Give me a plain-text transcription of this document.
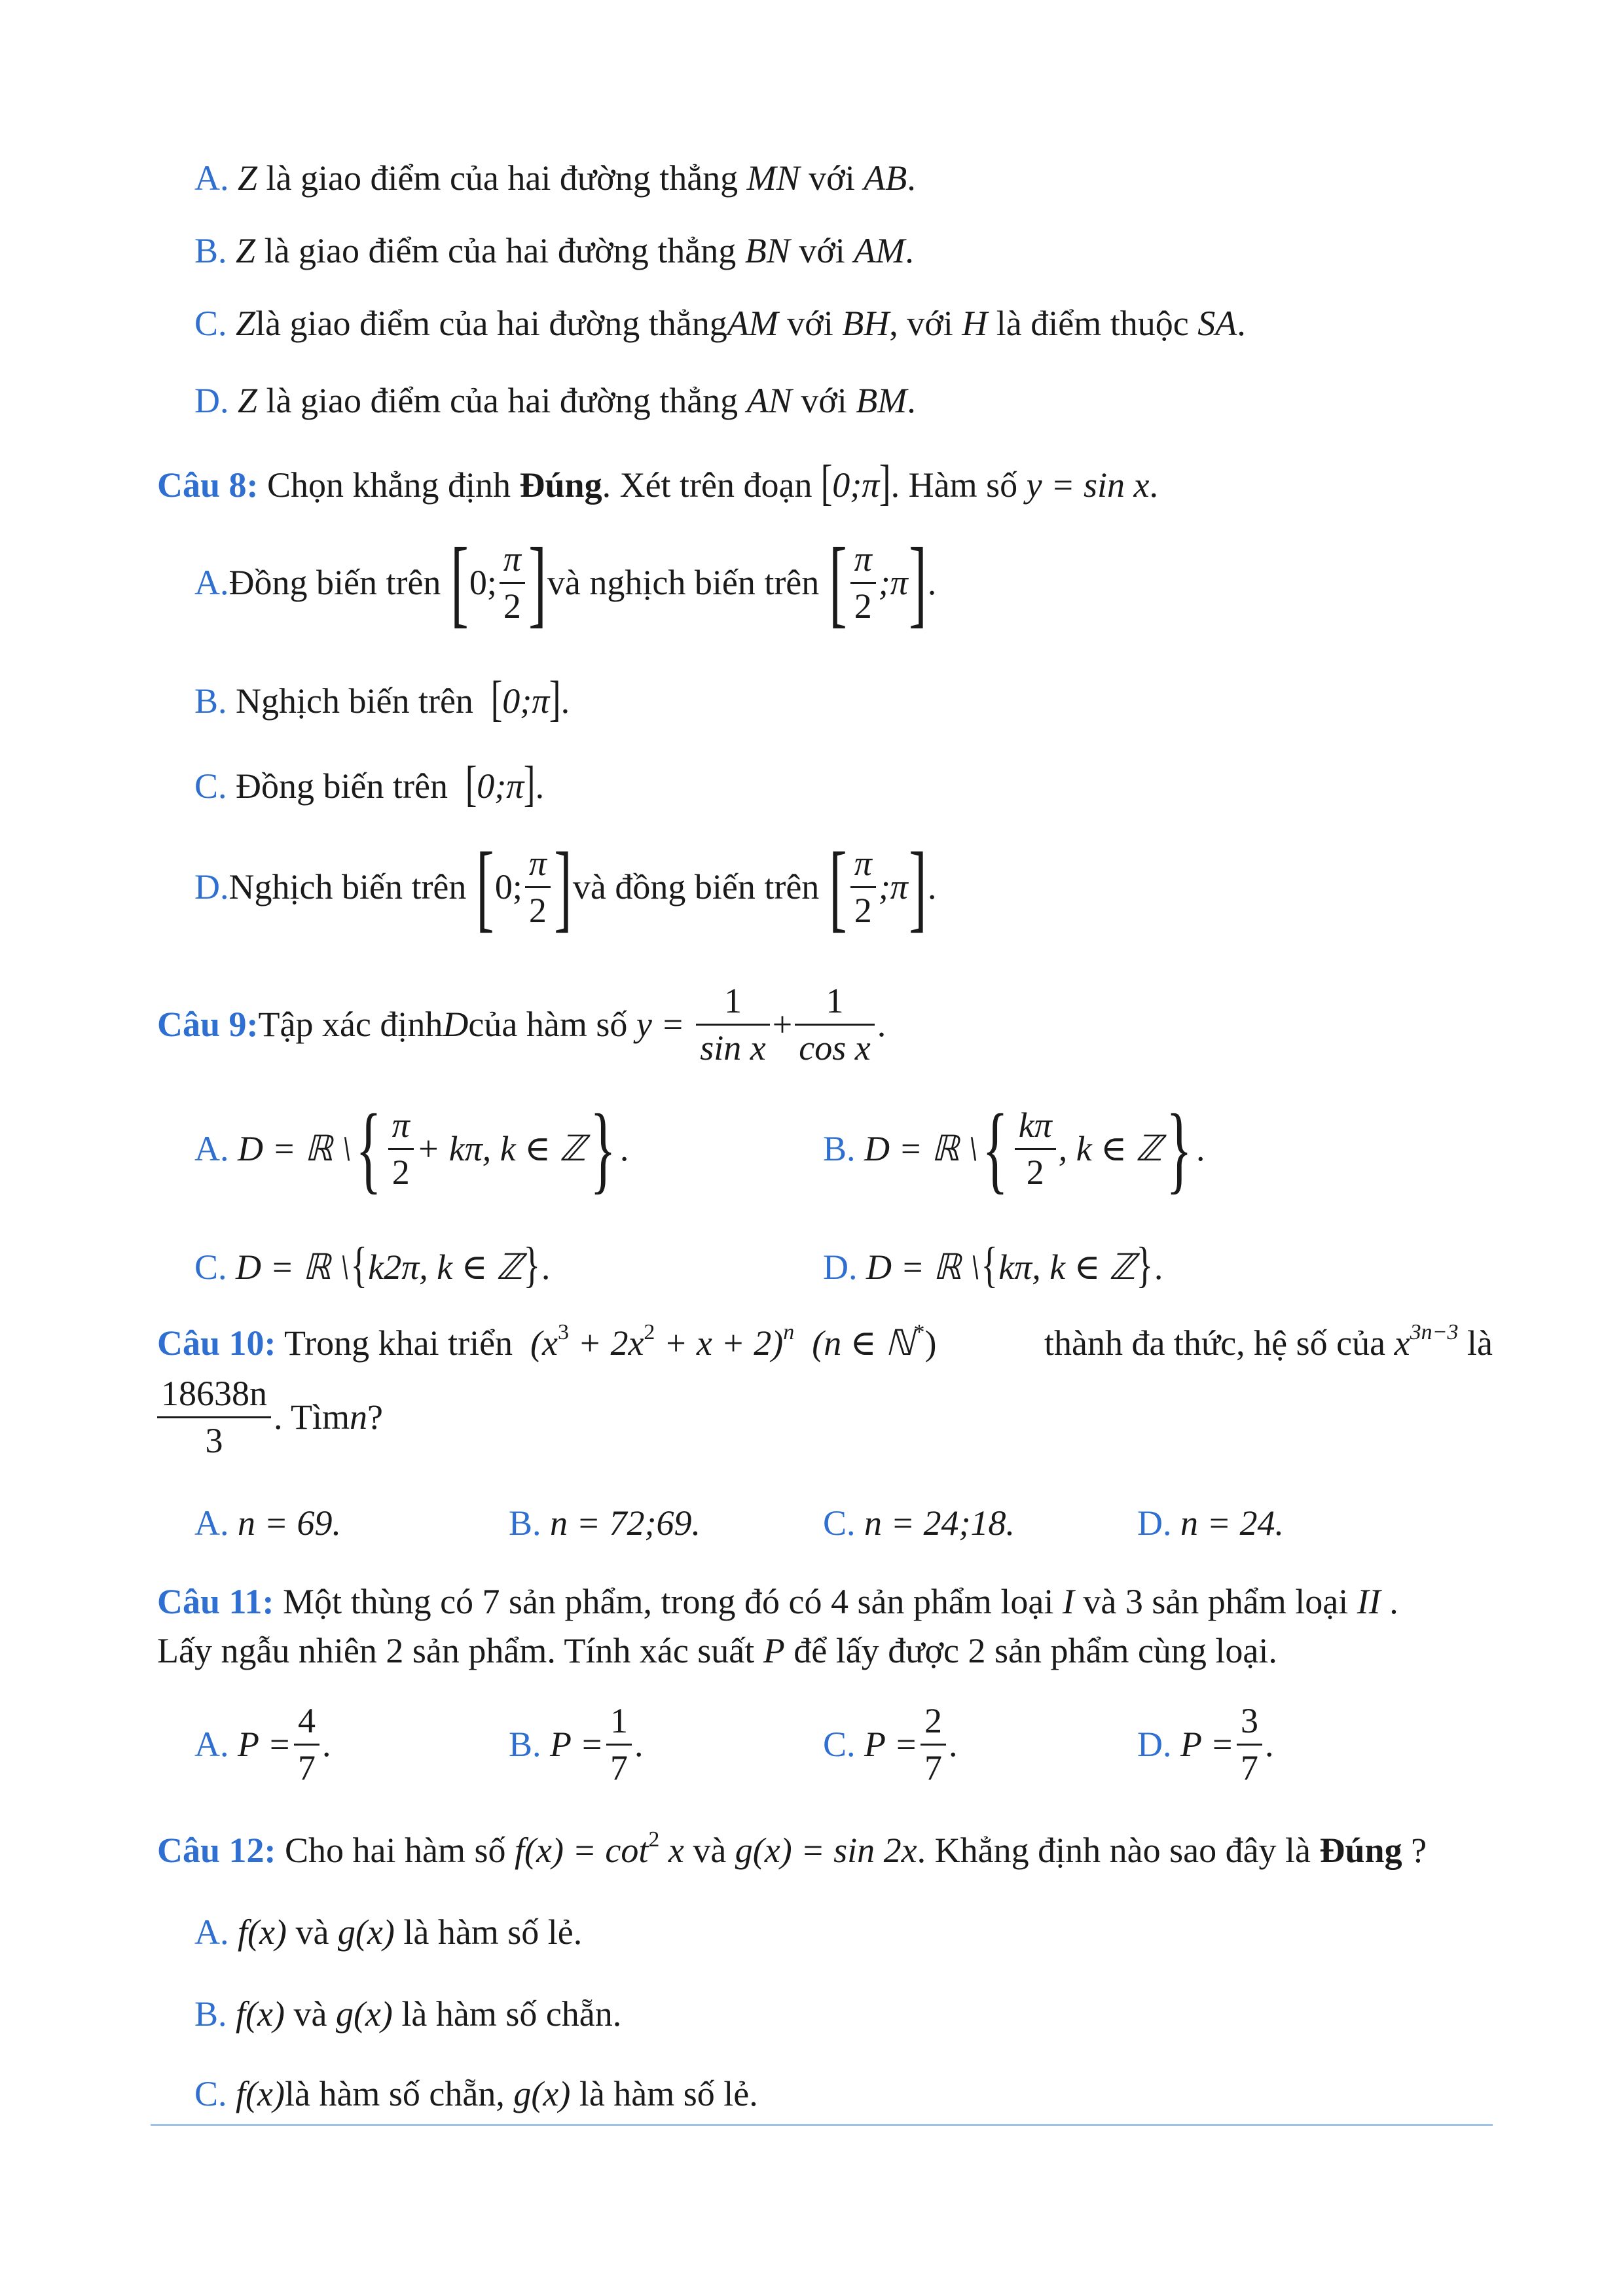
A. Z là giao điểm của hai đường thẳng MN với AB.
B. Z là giao điểm của hai đường thẳng BN với AM.
C. Zlà giao điểm của hai đường thẳngAM với BH, với H là điểm thuộc SA.
D. Z là giao điểm của hai đường thẳng AN với BM.
Câu 8: Chọn khẳng định Đúng. Xét trên đoạn [0;π]. Hàm số y = sin x.
A. Đồng biến trên
[ 0; $\frac{\pi}{2}$ ] và nghịch biến trên
[ $\frac{\pi}{2}$ ;π ] .
B. Nghịch biến trên  [0;π].
C. Đồng biến trên  [0;π].
D. Nghịch biến trên
[ 0; $\frac{\pi}{2}$ ] và đồng biến trên
[ $\frac{\pi}{2}$ ;π ] .
Câu 9: Tập xác định D của hàm số
y =
$\frac{1}{\text{sin x}} + \frac{1}{\text{cos x}}$ .
A.
D = ℝ \ { $\frac{\pi}{2} + k\pi$, k ∈ ℤ } .	B.
D = ℝ \ { $\frac{k\pi}{2}$ , k ∈ ℤ } .
C. D = ℝ \{k2π, k ∈ ℤ}.	D. D = ℝ \{kπ, k ∈ ℤ}.
Câu 10: Trong khai triển  $(x^3 + 2x^2 + x + 2)^n$ (n ∈ ℕ*)	thành đa thức, hệ số của $x^{3n-3}$ là
$\frac{18638n}{3}$ . Tìm n ?
A. n = 69.	B. n = 72;69.	C. n = 24;18.	D. n = 24.
Câu 11: Một thùng có 7 sản phẩm, trong đó có 4 sản phẩm loại I và 3 sản phẩm loại II .
Lấy ngẫu nhiên 2 sản phẩm. Tính xác suất P để lấy được 2 sản phẩm cùng loại.
A.
$P = \frac{4}{7}$ .	B.
$P = \frac{1}{7}$ .	C.
$P = \frac{2}{7}$ .	D.
$P = \frac{3}{7}$ .
Câu 12: Cho hai hàm số $f(x) = \cot^2 x$ và g(x) = sin 2x. Khẳng định nào sao đây là Đúng ?
A. f(x) và g(x) là hàm số lẻ.
B. f(x) và g(x) là hàm số chẵn.
C. f(x)là hàm số chẵn, g(x) là hàm số lẻ.
